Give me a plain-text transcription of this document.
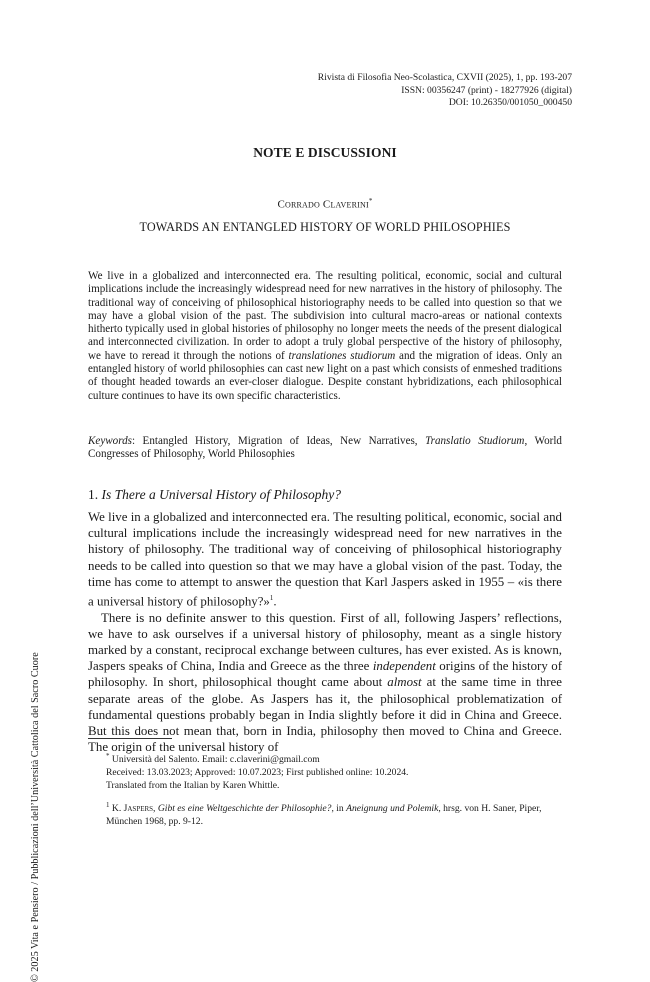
Rivista di Filosofia Neo-Scolastica, CXVII (2025), 1, pp. 193-207
ISSN: 00356247 (print) - 18277926 (digital)
DOI: 10.26350/001050_000450
NOTE E DISCUSSIONI
Corrado Claverini*
TOWARDS AN ENTANGLED HISTORY OF WORLD PHILOSOPHIES
We live in a globalized and interconnected era. The resulting political, economic, social and cultural implications include the increasingly widespread need for new narratives in the history of philosophy. The traditional way of conceiving of philosophical historiography needs to be called into question so that we may have a global vision of the past. The subdivision into cultural macro-areas or national contexts hitherto typically used in global histories of philosophy no longer meets the needs of the present dialogical and interconnected civilization. In order to adopt a truly global perspective of the history of philosophy, we have to reread it through the notions of translationes studiorum and the migration of ideas. Only an entangled history of world philosophies can cast new light on a past which consists of enmeshed traditions of thought headed towards an ever-closer dialogue. Despite constant hybridizations, each philosophical culture continues to have its own specific characteristics.
Keywords: Entangled History, Migration of Ideas, New Narratives, Translatio Studiorum, World Congresses of Philosophy, World Philosophies
1. Is There a Universal History of Philosophy?

We live in a globalized and interconnected era. The resulting political, economic, social and cultural implications include the increasingly widespread need for new narratives in the history of philosophy. The traditional way of conceiving of philosophical historiography needs to be called into question so that we may have a global vision of the past. Today, the time has come to attempt to answer the question that Karl Jaspers asked in 1955 – «is there a universal history of philosophy?»$^1$.

There is no definite answer to this question. First of all, following Jaspers’ reflections, we have to ask ourselves if a universal history of philosophy, meant as a single history marked by a constant, reciprocal exchange between cultures, has ever existed. As is known, Jaspers speaks of China, India and Greece as the three independent origins of the history of philosophy. In short, philosophical thought came about almost at the same time in three separate areas of the globe. As Jaspers has it, the philosophical problematization of fundamental questions probably began in India slightly before it did in China and Greece. But this does not mean that, born in India, philosophy then moved to China and Greece. The origin of the universal history of

* Università del Salento. Email: c.claverini@gmail.com
Received: 13.03.2023; Approved: 10.07.2023; First published online: 10.2024.
Translated from the Italian by Karen Whittle.
$^1$ K. Jaspers, Gibt es eine Weltgeschichte der Philosophie?, in Aneignung und Polemik, hrsg. von H. Saner, Piper, München 1968, pp. 9-12.
© 2025 Vita e Pensiero / Pubblicazioni dell’Università Cattolica del Sacro Cuore
